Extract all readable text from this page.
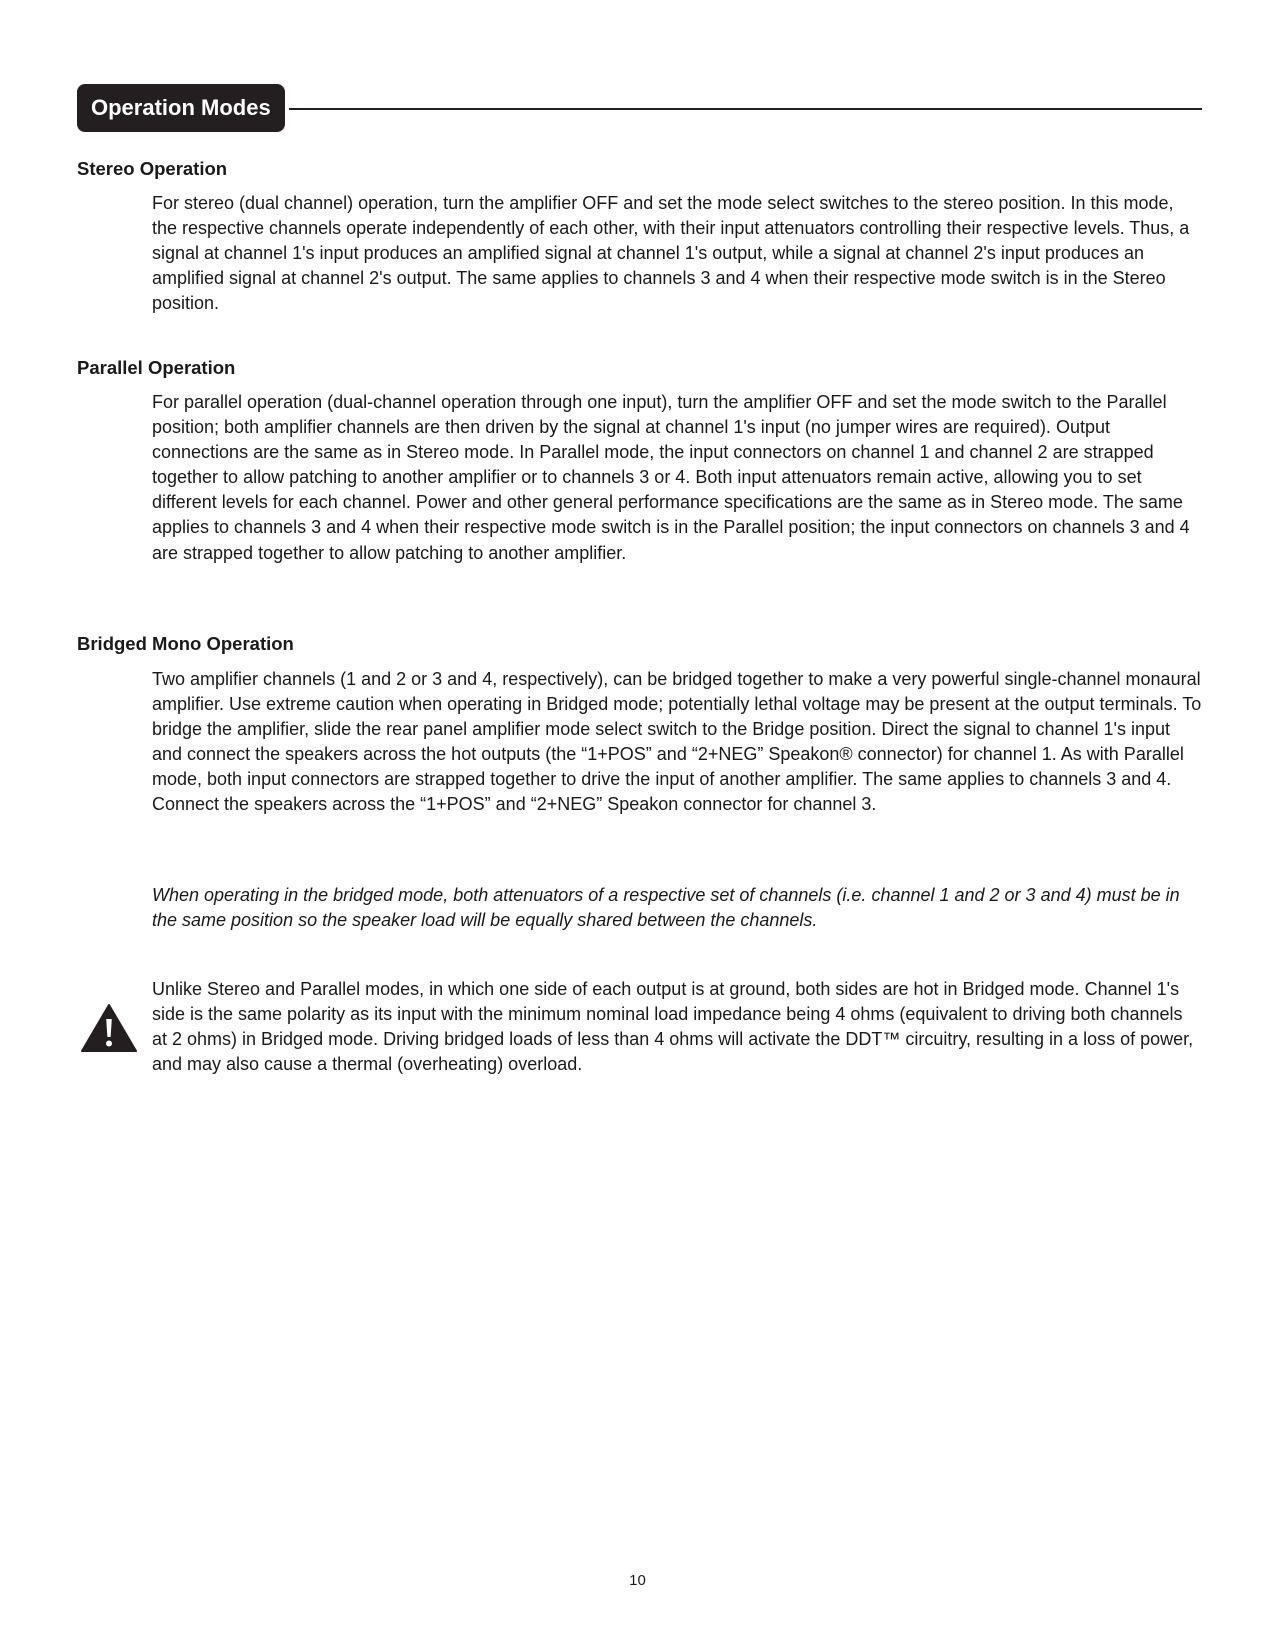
Operation Modes
Stereo Operation

For stereo (dual channel) operation, turn the amplifier OFF and set the mode select switches to the stereo position. In this mode, the respective channels operate independently of each other, with their input attenuators controlling their respective levels. Thus, a signal at channel 1's input produces an amplified signal at channel 1's output, while a signal at channel 2's input produces an amplified signal at channel 2's output. The same applies to channels 3 and 4 when their respective mode switch is in the Stereo position.

Parallel Operation

For parallel operation (dual-channel operation through one input), turn the amplifier OFF and set the mode switch to the Parallel position; both amplifier channels are then driven by the signal at channel 1's input (no jumper wires are required). Output connections are the same as in Stereo mode. In Parallel mode, the input connectors on channel 1 and channel 2 are strapped together to allow patching to another amplifier or to channels 3 or 4. Both input attenuators remain active, allowing you to set different levels for each channel. Power and other general performance specifications are the same as in Stereo mode. The same applies to channels 3 and 4 when their respective mode switch is in the Parallel position; the input connectors on channels 3 and 4 are strapped together to allow patching to another amplifier.

Bridged Mono Operation

Two amplifier channels (1 and 2 or 3 and 4, respectively), can be bridged together to make a very powerful single-channel monaural amplifier. Use extreme caution when operating in Bridged mode; potentially lethal voltage may be present at the output terminals. To bridge the amplifier, slide the rear panel amplifier mode select switch to the Bridge position. Direct the signal to channel 1's input and connect the speakers across the hot outputs (the “1+POS” and “2+NEG” Speakon® connector) for channel 1. As with Parallel mode, both input connectors are strapped together to drive the input of another amplifier. The same applies to channels 3 and 4. Connect the speakers across the “1+POS” and “2+NEG” Speakon connector for channel 3.

When operating in the bridged mode, both attenuators of a respective set of channels (i.e. channel 1 and 2 or 3 and 4) must be in the same position so the speaker load will be equally shared between the channels.

Unlike Stereo and Parallel modes, in which one side of each output is at ground, both sides are hot in Bridged mode. Channel 1's side is the same polarity as its input with the minimum nominal load impedance being 4 ohms (equivalent to driving both channels at 2 ohms) in Bridged mode. Driving bridged loads of less than 4 ohms will activate the DDT™ circuitry, resulting in a loss of power, and may also cause a thermal (overheating) overload.

10
